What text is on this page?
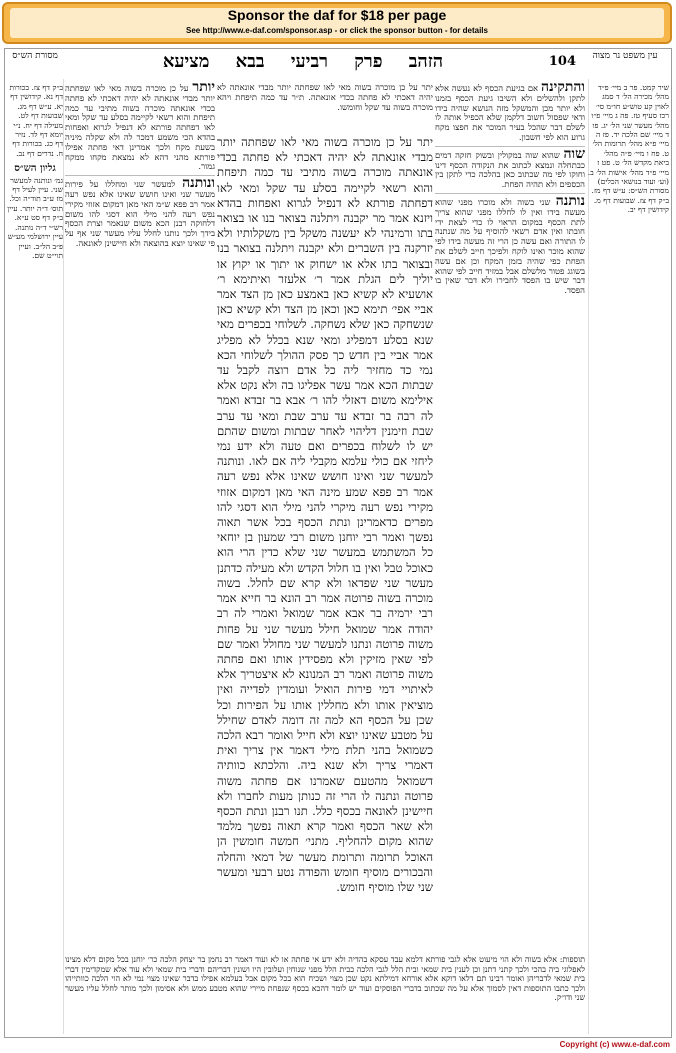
Sponsor the daf for $18 per page
See http://www.e-daf.com/sponsor.asp - or click the sponsor button - for details
עין משפט נר מצוה
104
הזהב פרק רביעי בבא מציעא
מסורת הש״ס
שיר קמט. פר ב מיי׳ פ״ד מהל׳ מכירה הל׳ ד סמג לאוין קע טוש״ע חו״מ סי׳ רכז סעיף טז. פה ג מיי׳ פ״ו מהל׳ מעשר שני הל׳ יג. פו ד מיי׳ שם הלכה יד. פז ה מיי׳ פ״א מהל׳ תרומות הל׳ ט. פח ו מיי׳ פ״ה מהל׳ ביאת מקדש הל׳ ט. פט ז מיי׳ פ״ד מהל׳ אישות הל׳ ב. (וע׳ ועוד בנושאי הכלים) מסורת הש״ס: ע״ש דף מז. ב״ק דף צז. שבועות דף מ. קידושין דף יב.
והתקינה אם בגיעת הכסף לא נעשה אלא לתקן ולהשלים ולא השיבו גיעת הכסף בזמנו ולא יותר מכן והמשקל מזה הנושא שהיה בידו ודאי שפסול חשוב דלקמן שלא הכפיל אותה לו לשלם דבר שהכל בעיר המוכר את חפצו מקח גרוע הוא לפי חשבון.
שוה שהוא שוה במקולין ובשוק חזקה דמים כבתחלה ונמצא לכתוב את הנקודה הכסף דינו וחוקו לפי מה שכתוב כאן בהלכה כדי לתקן בין הכספים ולא תהיה הפחת.
נותנה שני בשוה ולא מוכרו מפני שהוא מעשה בידו ואין לו לחללו מפני שהוא צריך לתת הכסף במקום הראוי לו כדי לצאת ידי חובתו ואין אדם רשאי להוסיף על מה שנתנה לו התורה ואם עשה כן הרי זה מעשה בידו לפי שהוא מוכר ואינו לוקח ולפיכך חייב לשלם את הפחת כפי שהיה בזמן המקח וכן אם עשה בשוגג פטור מלשלם אבל במזיד חייב לפי שהוא דבר שיש בו הפסד לחבירו ולא דבר שאין בו הפסד.
יתר על כן מוכרה בשוה מאי לאו שפחתה יותר מבדי אונאתה לא יהיה דאכתי לא פחתה בכדי אונאתה. ת״ר עד כמה תיפחת ויהא מוכרה בשוה עד שקל וחומשו.
יתר על כן מוכרה בשוה מאי לאו שפחתה יותר מבדי אונאתה לא יהיה דאכתי לא פחתה בכדי אונאתה מוכרה בשוה מתיבי עד כמה תיפחת והוא רשאי לקיימה בסלע עד שקל ומאי לאו דפחתה פורתא לא דנפיל לגרוא ואפחות בהדא ויזנא אמר מר יקבנה ויתלנה בצואר בנו או בצואר בתו ורמינהי לא יעשנה משקל בין משקלותיו ולא יזרקנה בין השברים ולא יקבנה ויתלנה בצואר בנו ובצואר בתו אלא או ישחוק או יתוך או יקוץ או יוליך לים הגלת אמר ר׳ אלעזר ואיתימא ר׳ אושעיא לא קשיא כאן באמצע כאן מן הצד אמר אביי אפי׳ תימא כאן וכאן מן הצד ולא קשיא כאן שנשחקה כאן שלא נשחקה. לשלוחי בכפרים מאי שנא בסלע דמפליג ומאי שנא בכלל לא מפליג אמר אביי בין חדש כך פסק ההולך לשלוחי הכא נמי כד מחזיר ליה כל אדם רוצה לקבל עד שבתות הכא אמר עשר אפליגו בה ולא נקט אלא אילימא משום דאזלי להו ר׳ אבא בר זבדא ואמר לה רבה בר זבדא עד ערב שבת ומאי עד ערב שבת וזימנין דליהוי לאחר שבתות ומשום שהתם יש לו לשלוח בכפרים ואם טעה ולא ידע נמי ליחזי אם כולי עלמא מקבלי ליה אם לאו. ונותנה למעשר שני ואינו חושש שאינו אלא נפש רעה אמר רב פפא שמע מינה האי מאן דמקום אזוזי מקירי נפש רעה מיקרי להני מילי הוא דסגי להו מפרים כדאמרינן ונתת הכסף בכל אשר תאוה נפשך ואמר רבי יוחנן משום רבי שמעון בן יוחאי כל המשתמש במעשר שני שלא כדין הרי הוא כאוכל טבל ואין בו חלול הקדש ולא מעילה כדתנן מעשר שני שפדאו ולא קרא שם לחלל. בשוה מוכרה בשוה פרוטה אמר רב הונא בר חייא אמר רבי ירמיה בר אבא אמר שמואל ואמרי לה רב יהודה אמר שמואל חילל מעשר שני על פחות משוה פרוטה ונתנו למעשר שני מחולל ואמר שם לפי שאין מזיקין ולא מפסידין אותו ואם פחתה משוה פרוטה ואמר רב המנונא לא איצטריך אלא לאיתויי דמי פירות הואיל ועומדין לפדייה ואין מוציאין אותו ולא מחללין אותו על הפירות וכל שכן על הכסף הא למה זה דומה לאדם שחילל על מטבע שאינו יוצא ולא חייל ואומר רבא הלכה כשמואל בהני תלת מילי דאמר אין צריך ואית דאמרי צריך ולא שנא ביה. והלכתא כוותיה דשמואל מהטעם שאמרנו אם פחתה משוה פרוטה ונתנה לו הרי זה כנותן מעות לחברו ולא חיישינן לאונאה בכסף כלל. תנו רבנן ונתת הכסף ולא שאר הכסף ואמר קרא תאוה נפשך מלמד שהוא מקום להחליף. מתני׳ חמשה חומשין הן האוכל תרומה ותרומת מעשר של דמאי והחלה והבכורים מוסיף חומש והפודה נטע רבעי ומעשר שני שלו מוסיף חומש.
יותר על כן מוכרה בשוה מאי לאו שפחתה יותר מבדי אונאתה לא יהיה דאכתי לא פחתה בכדי אונאתה מוכרה בשוה מתיבי עד כמה תיפחת והוא רשאי לקיימה בסלע עד שקל ומאי לאו דפחתה פורתא לא דנפיל לגרוא ואפחות בהדא הכי משמע דמכר לה ולא שקלה מיניה בשעת מקח ולכך אמרינן דאי פחתה אפילו פורתא מהני דהא לא נמצאת מקחו ממקח גמור.
ונותנה למעשר שני ומחללו על פירות מעשר שני ואינו חושש שאינו אלא נפש רעה אמר רב פפא ש״מ האי מאן דמקום אזוזי מקירי נפש רעה להני מילי הוא דסגי להו משום דלחוקה רבנן הכא משום שנאמר וצרת הכסף בידך ולכך נותנו לחלל עליו מעשר שני אף על פי שאינו יוצא בהוצאה ולא חיישינן לאונאה.
ב״ק דף צז. בכורות דף נא. קידושין דף יא. ע״ש דף מג. שבועות דף לט. מעילה דף יח. נ״י יומא דף לד. נזיר דף כג. בכורות דף ח. נדרים דף נב.
גליון הש״ס
גמ׳ ונותנה למעשר שני. עיין לעיל דף מז ע״ב תוד״ה וכל. תוס׳ ד״ה יותר. עיין ב״ק דף סט ע״א. רש״י ד״ה נותנה. עיין ירושלמי מע״ש פ״ב הל״ב. ועיין תוי״ט שם.
תוספות: אלא בשוה ולא הוי מיעוט אלא לגבי פורתא דלמא עבד עסקא בהדיה ולא ידע אי פחתה או לא ועוד דאמר רב נחמן בר יצחק הלכה כר׳ יוחנן בכל מקום דלא מצינו לאפלוגי ביה בהכי ולכך קתני דתנן וכן לענין בית שמאי ובית הלל לגבי הלכה כבית הלל מפני שנוחין ועלובין היו ושונין דבריהם ודברי בית שמאי ולא עוד אלא שמקדימין דברי בית שמאי לדבריהן ואומר רבינו תם דלאו דוקא אלא אורחא דמילתא נקט שכן מצוי ושכיח הוא בכל מקום אבל בעלמא אפילו בדבר שאינו מצוי נמי לא הוי הלכה כוותייהו ולכך כתבו התוספות דאין לסמוך אלא על מה שכתוב בדברי הפוסקים ועוד יש לומר דהכא בכסף שנפחת מיירי שהוא מטבע ממש ולא אסימון ולכך מותר לחלל עליו מעשר שני ודו״ק.
Copyright (c) www.e-daf.com
